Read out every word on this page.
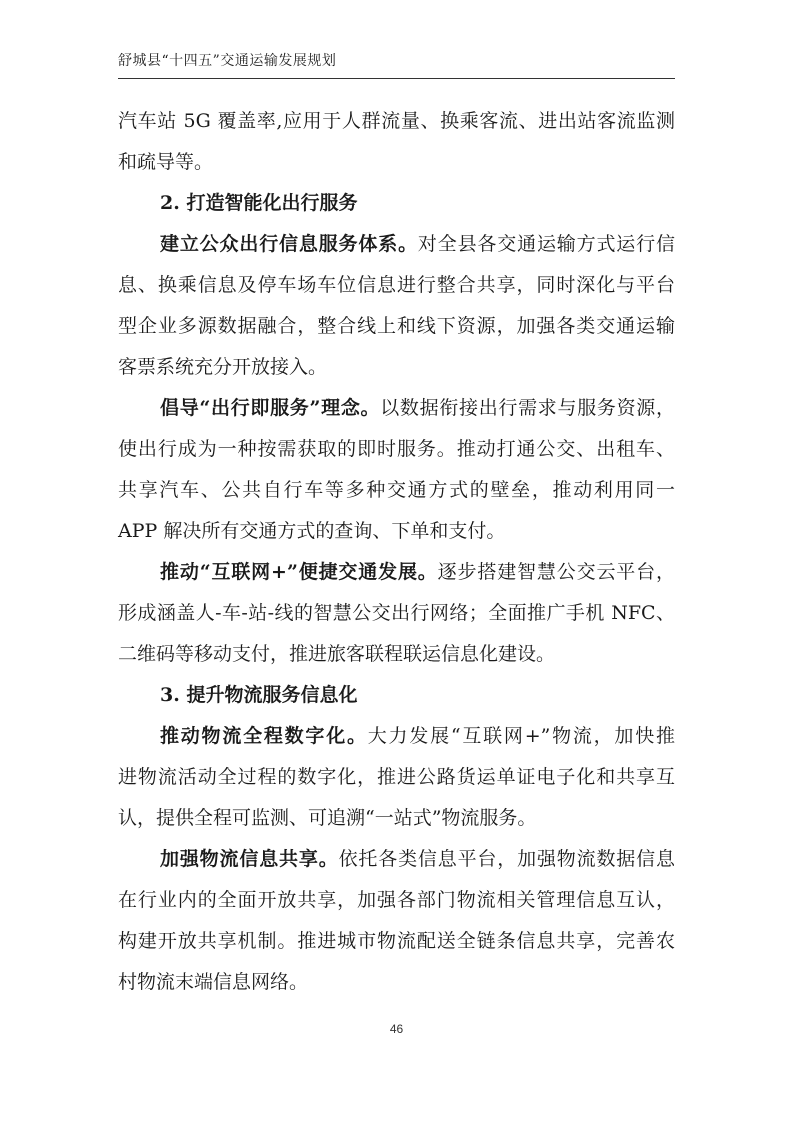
舒城县“十四五”交通运输发展规划
汽车站 5G 覆盖率,应用于人群流量、换乘客流、进出站客流监测
和疏导等。
2. 打造智能化出行服务
建立公众出行信息服务体系。对全县各交通运输方式运行信
息、换乘信息及停车场车位信息进行整合共享，同时深化与平台
型企业多源数据融合，整合线上和线下资源，加强各类交通运输
客票系统充分开放接入。
倡导“出行即服务”理念。以数据衔接出行需求与服务资源，
使出行成为一种按需获取的即时服务。推动打通公交、出租车、
共享汽车、公共自行车等多种交通方式的壁垒，推动利用同一
APP 解决所有交通方式的查询、下单和支付。
推动“互联网+”便捷交通发展。逐步搭建智慧公交云平台，
形成涵盖人-车-站-线的智慧公交出行网络；全面推广手机 NFC、
二维码等移动支付，推进旅客联程联运信息化建设。
3. 提升物流服务信息化
推动物流全程数字化。大力发展“互联网+”物流，加快推
进物流活动全过程的数字化，推进公路货运单证电子化和共享互
认，提供全程可监测、可追溯“一站式”物流服务。
加强物流信息共享。依托各类信息平台，加强物流数据信息
在行业内的全面开放共享，加强各部门物流相关管理信息互认，
构建开放共享机制。推进城市物流配送全链条信息共享，完善农
村物流末端信息网络。
46
